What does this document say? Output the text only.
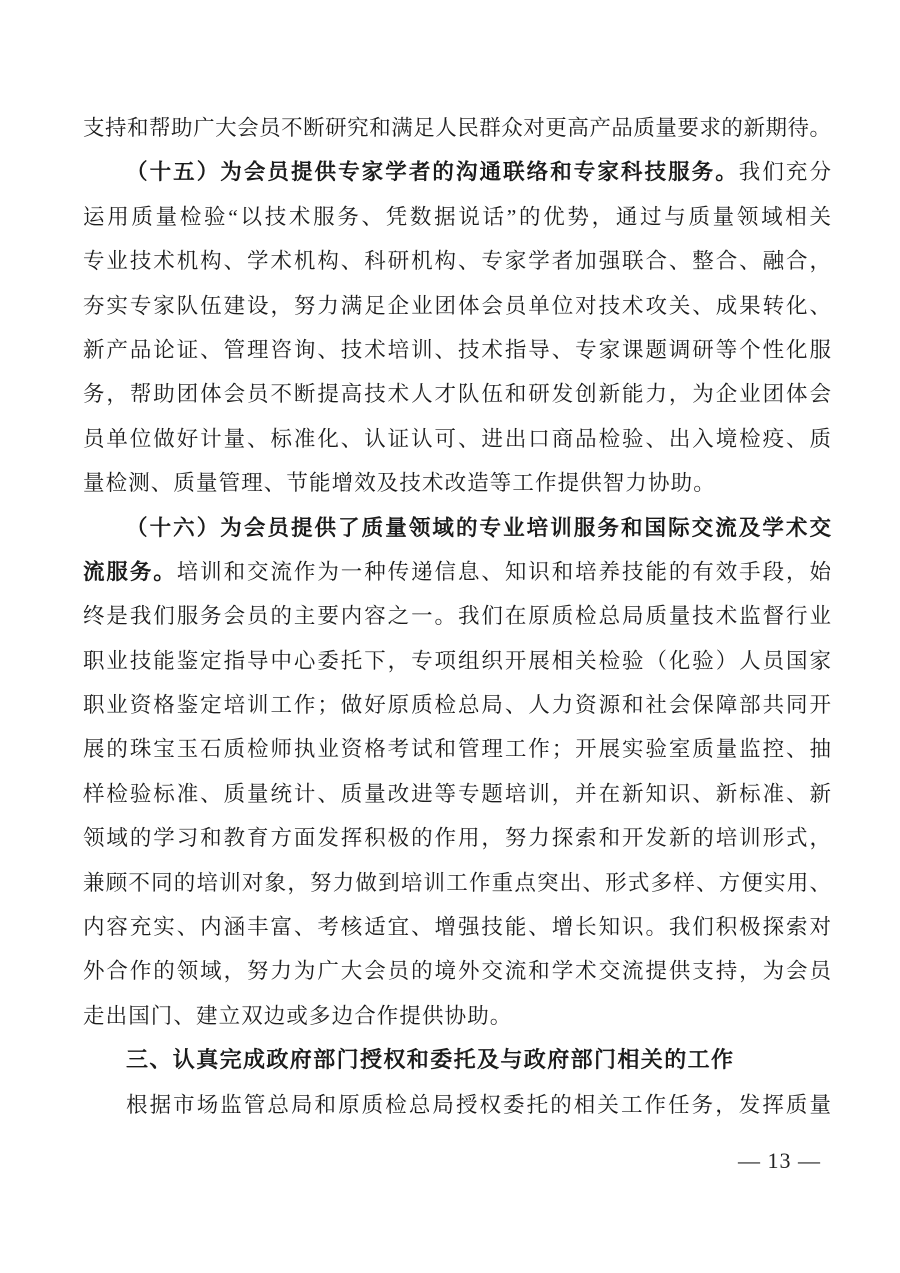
支持和帮助广大会员不断研究和满足人民群众对更高产品质量要求的新期待。
（十五）为会员提供专家学者的沟通联络和专家科技服务。我们充分
运用质量检验“以技术服务、凭数据说话”的优势，通过与质量领域相关
专业技术机构、学术机构、科研机构、专家学者加强联合、整合、融合，
夯实专家队伍建设，努力满足企业团体会员单位对技术攻关、成果转化、
新产品论证、管理咨询、技术培训、技术指导、专家课题调研等个性化服
务，帮助团体会员不断提高技术人才队伍和研发创新能力，为企业团体会
员单位做好计量、标准化、认证认可、进出口商品检验、出入境检疫、质
量检测、质量管理、节能增效及技术改造等工作提供智力协助。
（十六）为会员提供了质量领域的专业培训服务和国际交流及学术交
流服务。培训和交流作为一种传递信息、知识和培养技能的有效手段，始
终是我们服务会员的主要内容之一。我们在原质检总局质量技术监督行业
职业技能鉴定指导中心委托下，专项组织开展相关检验（化验）人员国家
职业资格鉴定培训工作；做好原质检总局、人力资源和社会保障部共同开
展的珠宝玉石质检师执业资格考试和管理工作；开展实验室质量监控、抽
样检验标准、质量统计、质量改进等专题培训，并在新知识、新标准、新
领域的学习和教育方面发挥积极的作用，努力探索和开发新的培训形式，
兼顾不同的培训对象，努力做到培训工作重点突出、形式多样、方便实用、
内容充实、内涵丰富、考核适宜、增强技能、增长知识。我们积极探索对
外合作的领域，努力为广大会员的境外交流和学术交流提供支持，为会员
走出国门、建立双边或多边合作提供协助。
三、认真完成政府部门授权和委托及与政府部门相关的工作
根据市场监管总局和原质检总局授权委托的相关工作任务，发挥质量
— 13 —
